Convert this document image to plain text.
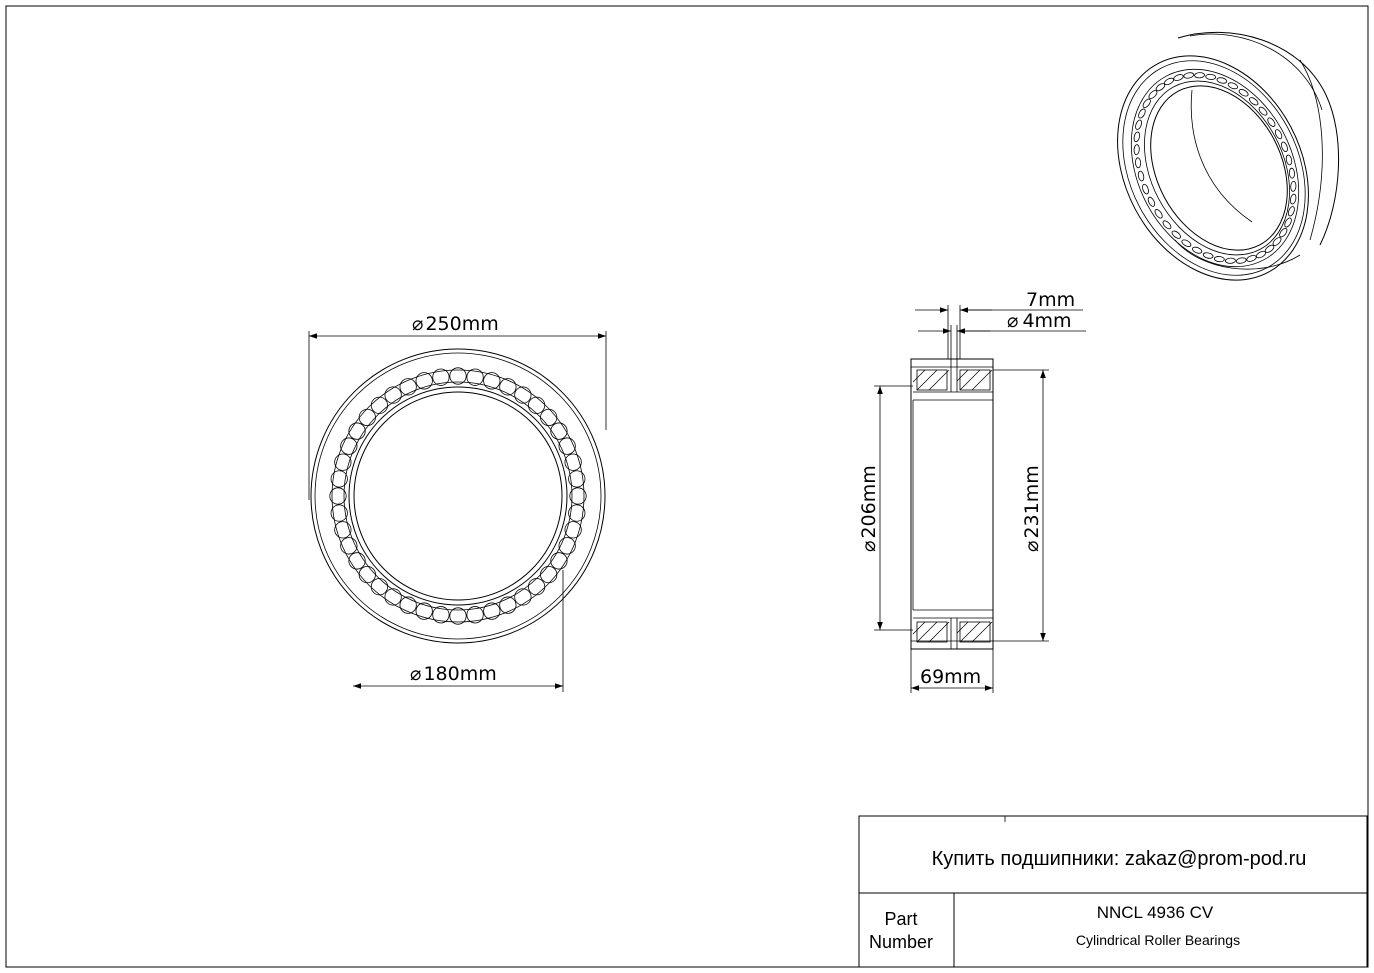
⌀ 250mm
⌀ 180mm
7mm
⌀ 4mm
⌀206mm
⌀231mm
69mm
Купить подшипники: zakaz@prom-pod.ru
Part
Number
NNCL 4936 CV
Cylindrical Roller Bearings
